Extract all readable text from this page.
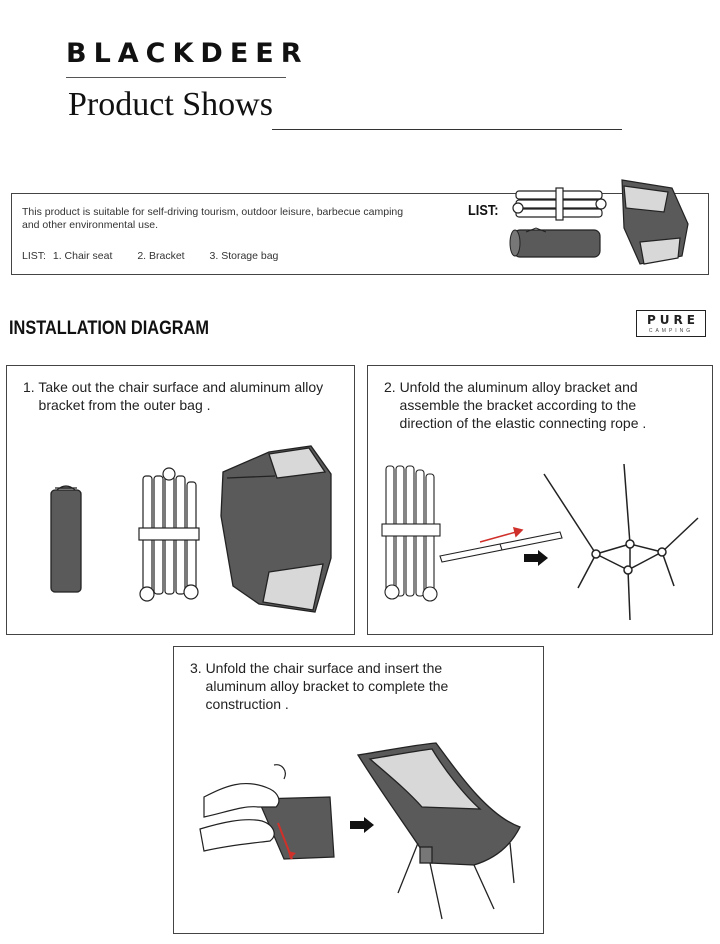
BLACKDEER
Product Shows
This product is suitable for self-driving tourism, outdoor leisure, barbecue camping
and other environmental use.
LIST: 1. Chair seat 2. Bracket 3. Storage bag
LIST:
INSTALLATION DIAGRAM	PURE
CAMPING
1. Take out the chair surface and aluminum alloy
bracket from the outer bag .
2. Unfold the aluminum alloy bracket and
assemble the bracket according to the
direction of the elastic connecting rope .
3. Unfold the chair surface and insert the
aluminum alloy bracket to complete the
construction .
